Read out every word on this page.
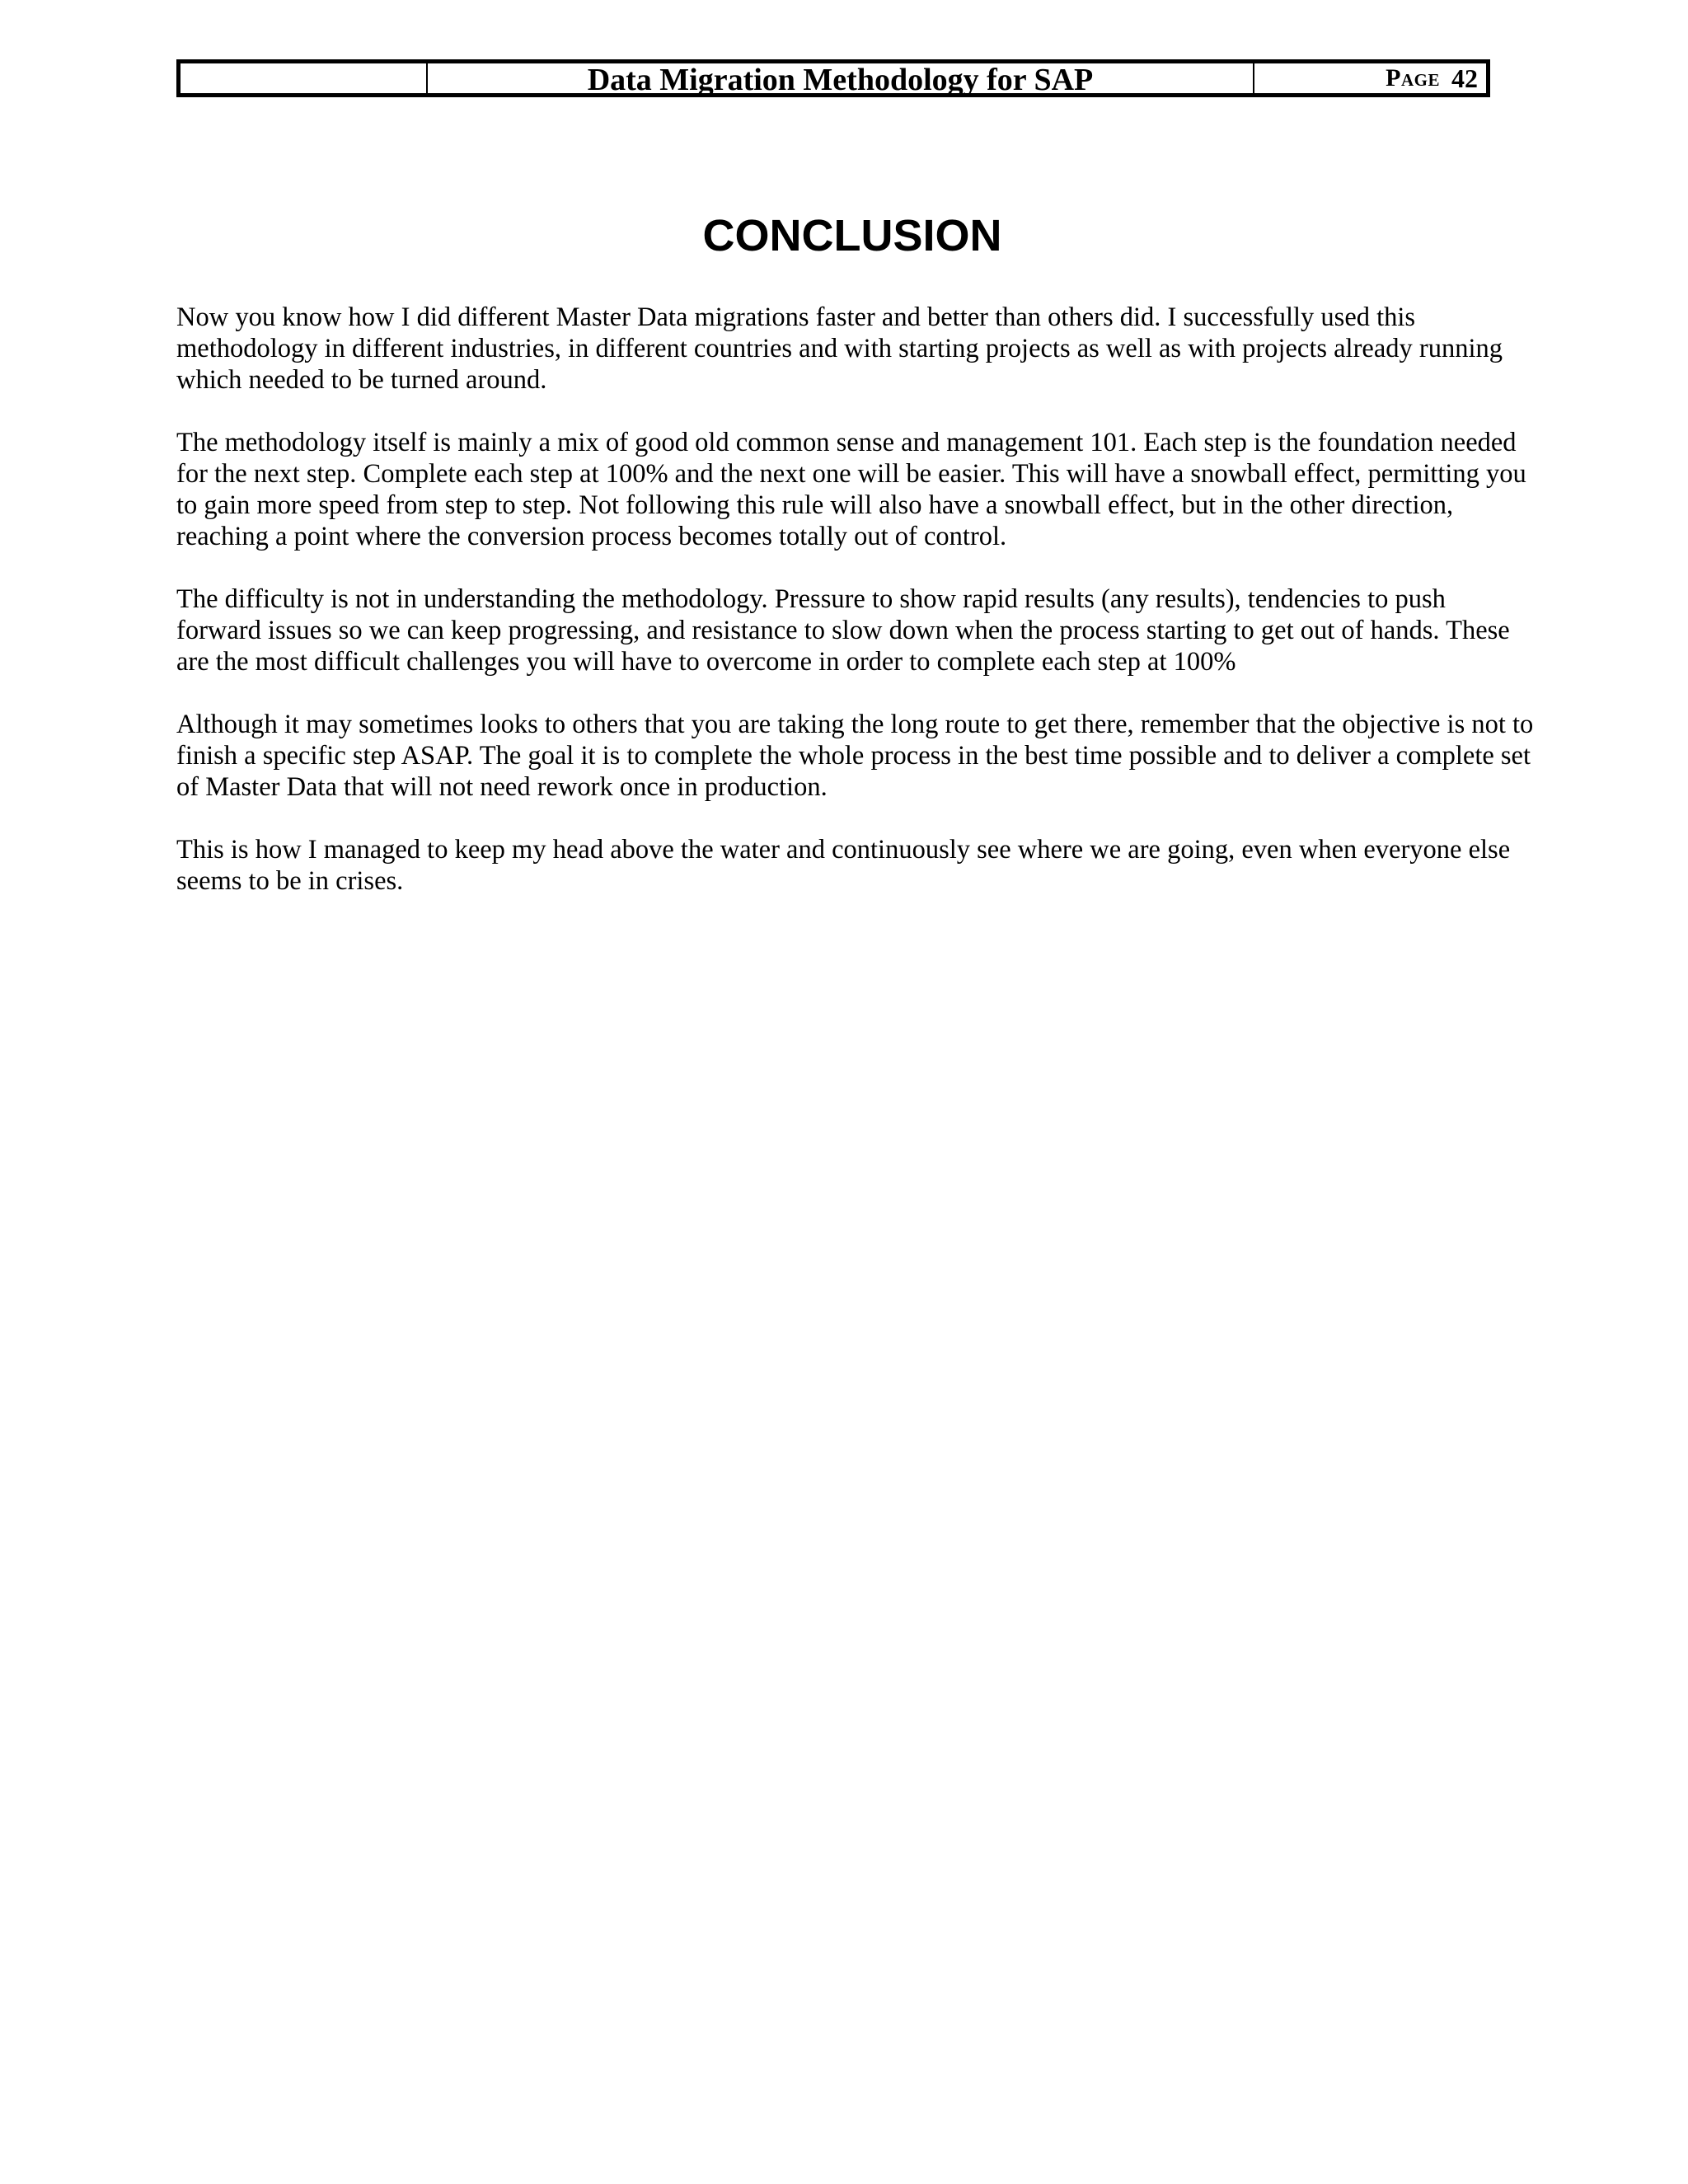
Data Migration Methodology for SAP	Page 42
CONCLUSION

Now you know how I did different Master Data migrations faster and better than others did. I successfully used this methodology in different industries, in different countries and with starting projects as well as with projects already running which needed to be turned around.

The methodology itself is mainly a mix of good old common sense and management 101. Each step is the foundation needed for the next step. Complete each step at 100% and the next one will be easier. This will have a snowball effect, permitting you to gain more speed from step to step. Not following this rule will also have a snowball effect, but in the other direction, reaching a point where the conversion process becomes totally out of control.

The difficulty is not in understanding the methodology. Pressure to show rapid results (any results), tendencies to push forward issues so we can keep progressing, and resistance to slow down when the process starting to get out of hands. These are the most difficult challenges you will have to overcome in order to complete each step at 100%

Although it may sometimes looks to others that you are taking the long route to get there, remember that the objective is not to finish a specific step ASAP. The goal it is to complete the whole process in the best time possible and to deliver a complete set of Master Data that will not need rework once in production.

This is how I managed to keep my head above the water and continuously see where we are going, even when everyone else seems to be in crises.
